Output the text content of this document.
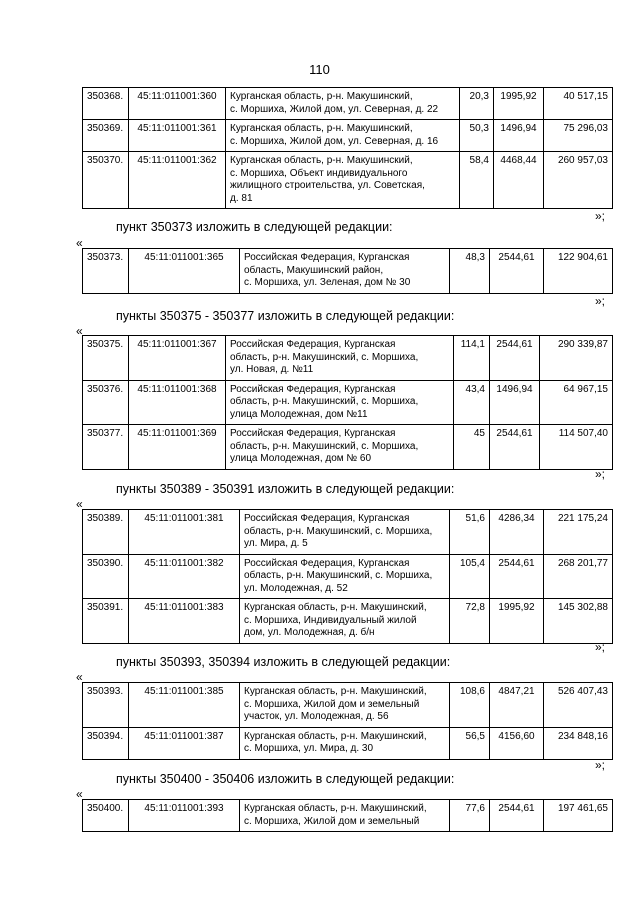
110
350368.	45:11:011001:360	Курганская область, р-н. Макушинский,
с. Моршиха, Жилой дом, ул. Северная, д. 22	20,3	1995,92	40 517,15
350369.	45:11:011001:361	Курганская область, р-н. Макушинский,
с. Моршиха, Жилой дом, ул. Северная, д. 16	50,3	1496,94	75 296,03
350370.	45:11:011001:362	Курганская область, р-н. Макушинский,
с. Моршиха, Объект индивидуального
жилищного строительства, ул. Советская,
д. 81	58,4	4468,44	260 957,03
»;
пункт 350373 изложить в следующей редакции:
«
350373.	45:11:011001:365	Российская Федерация, Курганская
область, Макушинский район,
с. Моршиха, ул. Зеленая, дом № 30
	48,3	2544,61	122 904,61
»;
пункты 350375 - 350377 изложить в следующей редакции:
«
350375.	45:11:011001:367	Российская Федерация, Курганская
область, р-н. Макушинский, с. Моршиха,
ул. Новая, д. №11	114,1	2544,61	290 339,87
350376.	45:11:011001:368	Российская Федерация, Курганская
область, р-н. Макушинский, с. Моршиха,
улица Молодежная, дом №11	43,4	1496,94	64 967,15
350377.	45:11:011001:369	Российская Федерация, Курганская
область, р-н. Макушинский, с. Моршиха,
улица Молодежная, дом № 60	45	2544,61	114 507,40
»;
пункты 350389 - 350391 изложить в следующей редакции:
«
350389.	45:11:011001:381	Российская Федерация, Курганская
область, р-н. Макушинский, с. Моршиха,
ул. Мира, д. 5	51,6	4286,34	221 175,24
350390.	45:11:011001:382	Российская Федерация, Курганская
область, р-н. Макушинский, с. Моршиха,
ул. Молодежная, д. 52	105,4	2544,61	268 201,77
350391.	45:11:011001:383	Курганская область, р-н. Макушинский,
с. Моршиха, Индивидуальный жилой
дом, ул. Молодежная, д. б/н	72,8	1995,92	145 302,88
»;
пункты 350393, 350394 изложить в следующей редакции:
«
350393.	45:11:011001:385	Курганская область, р-н. Макушинский,
с. Моршиха, Жилой дом и земельный
участок, ул. Молодежная, д. 56	108,6	4847,21	526 407,43
350394.	45:11:011001:387	Курганская область, р-н. Макушинский,
с. Моршиха, ул. Мира, д. 30	56,5	4156,60	234 848,16
»;
пункты 350400 - 350406 изложить в следующей редакции:
«
350400.	45:11:011001:393	Курганская область, р-н. Макушинский,
с. Моршиха, Жилой дом и земельный
	77,6	2544,61	197 461,65
